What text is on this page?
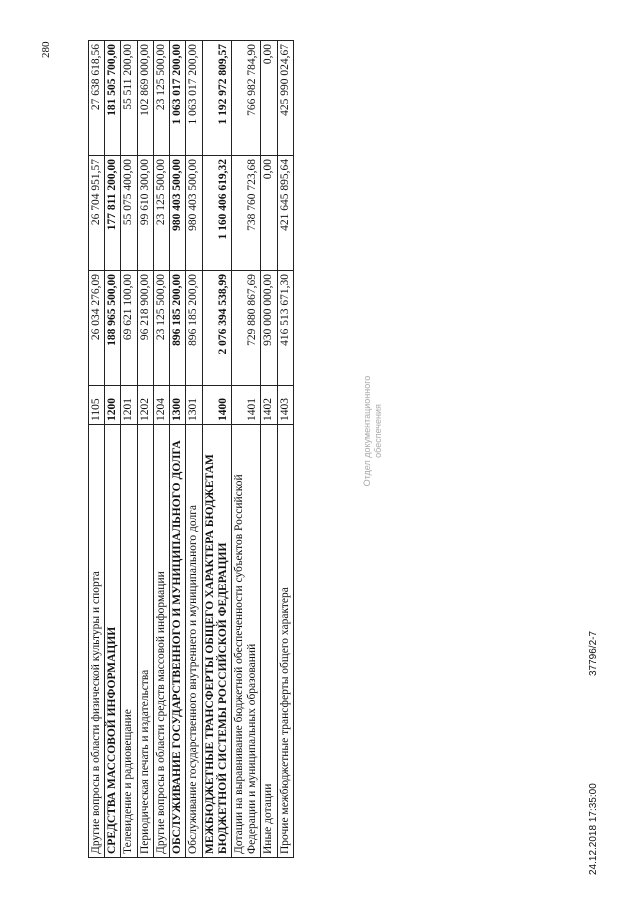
280
Другие вопросы в области физической культуры и спорта	1105	26 034 276,09	26 704 951,57	27 638 618,56
СРЕДСТВА МАССОВОЙ ИНФОРМАЦИИ	1200	188 965 500,00	177 811 200,00	181 505 700,00
Телевидение и радиовещание	1201	69 621 100,00	55 075 400,00	55 511 200,00
Периодическая печать и издательства	1202	96 218 900,00	99 610 300,00	102 869 000,00
Другие вопросы в области средств массовой информации	1204	23 125 500,00	23 125 500,00	23 125 500,00
ОБСЛУЖИВАНИЕ ГОСУДАРСТВЕННОГО И МУНИЦИПАЛЬНОГО ДОЛГА	1300	896 185 200,00	980 403 500,00	1 063 017 200,00
Обслуживание государственного внутреннего и муниципального долга	1301	896 185 200,00	980 403 500,00	1 063 017 200,00
МЕЖБЮДЖЕТНЫЕ ТРАНСФЕРТЫ ОБЩЕГО ХАРАКТЕРА БЮДЖЕТАМ БЮДЖЕТНОЙ СИСТЕМЫ РОССИЙСКОЙ ФЕДЕРАЦИИ	1400	2 076 394 538,99	1 160 406 619,32	1 192 972 809,57
Дотации на выравнивание бюджетной обеспеченности субъектов Российской Федерации и муниципальных образований	1401	729 880 867,69	738 760 723,68	766 982 784,90
Иные дотации	1402	930 000 000,00	0,00	0,00
Прочие межбюджетные трансферты общего характера	1403	416 513 671,30	421 645 895,64	425 990 024,67
Отдел документационного обеспечения
24.12.2018 17:35:00
37796/2-7
